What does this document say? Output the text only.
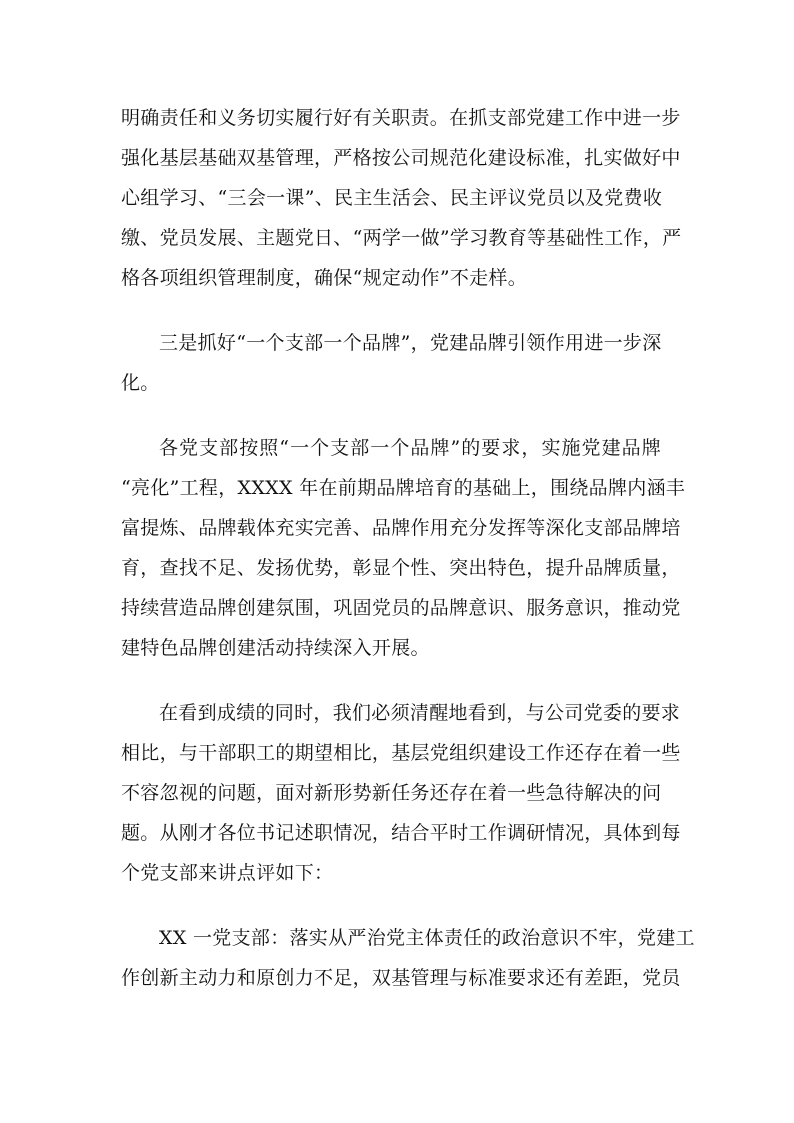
明确责任和义务切实履行好有关职责。在抓支部党建工作中进一步

强化基层基础双基管理，严格按公司规范化建设标准，扎实做好中

心组学习、“三会一课”、民主生活会、民主评议党员以及党费收

缴、党员发展、主题党日、“两学一做”学习教育等基础性工作，严

格各项组织管理制度，确保“规定动作”不走样。

三是抓好“一个支部一个品牌”，党建品牌引领作用进一步深

化。

各党支部按照“一个支部一个品牌”的要求，实施党建品牌

“亮化”工程，XXXX 年在前期品牌培育的基础上，围绕品牌内涵丰

富提炼、品牌载体充实完善、品牌作用充分发挥等深化支部品牌培

育，查找不足、发扬优势，彰显个性、突出特色，提升品牌质量，

持续营造品牌创建氛围，巩固党员的品牌意识、服务意识，推动党

建特色品牌创建活动持续深入开展。

在看到成绩的同时，我们必须清醒地看到，与公司党委的要求

相比，与干部职工的期望相比，基层党组织建设工作还存在着一些

不容忽视的问题，面对新形势新任务还存在着一些急待解决的问

题。从刚才各位书记述职情况，结合平时工作调研情况，具体到每

个党支部来讲点评如下：

XX 一党支部：落实从严治党主体责任的政治意识不牢，党建工

作创新主动力和原创力不足，双基管理与标准要求还有差距，党员
